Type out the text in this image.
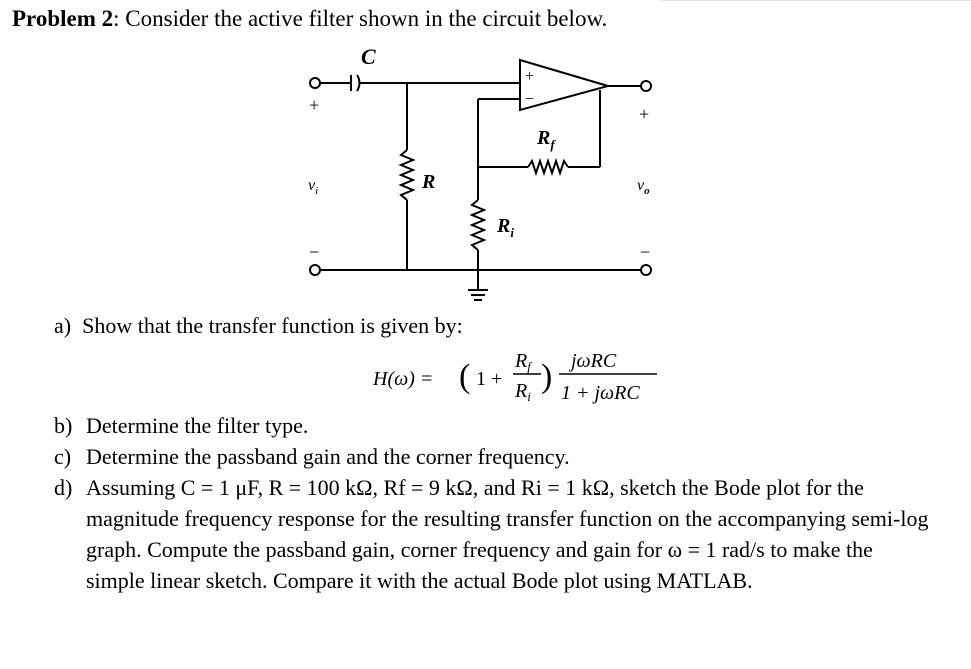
Problem 2: Consider the active filter shown in the circuit below.
+
−
C
R
$R_i$
$R_f$
+
$v_i$
−
+
$v_o$
−
a) Show that the transfer function is given by:
H(ω) = ( 1 +
$R_f$
$R_i$
) jωRC
1 + jωRC
b) Determine the filter type.
c) Determine the passband gain and the corner frequency.
d) Assuming C = 1 μF, R = 100 kΩ, Rf = 9 kΩ, and Ri = 1 kΩ, sketch the Bode plot for the magnitude frequency response for the resulting transfer function on the accompanying semi-log graph. Compute the passband gain, corner frequency and gain for ω = 1 rad/s to make the simple linear sketch. Compare it with the actual Bode plot using MATLAB.
